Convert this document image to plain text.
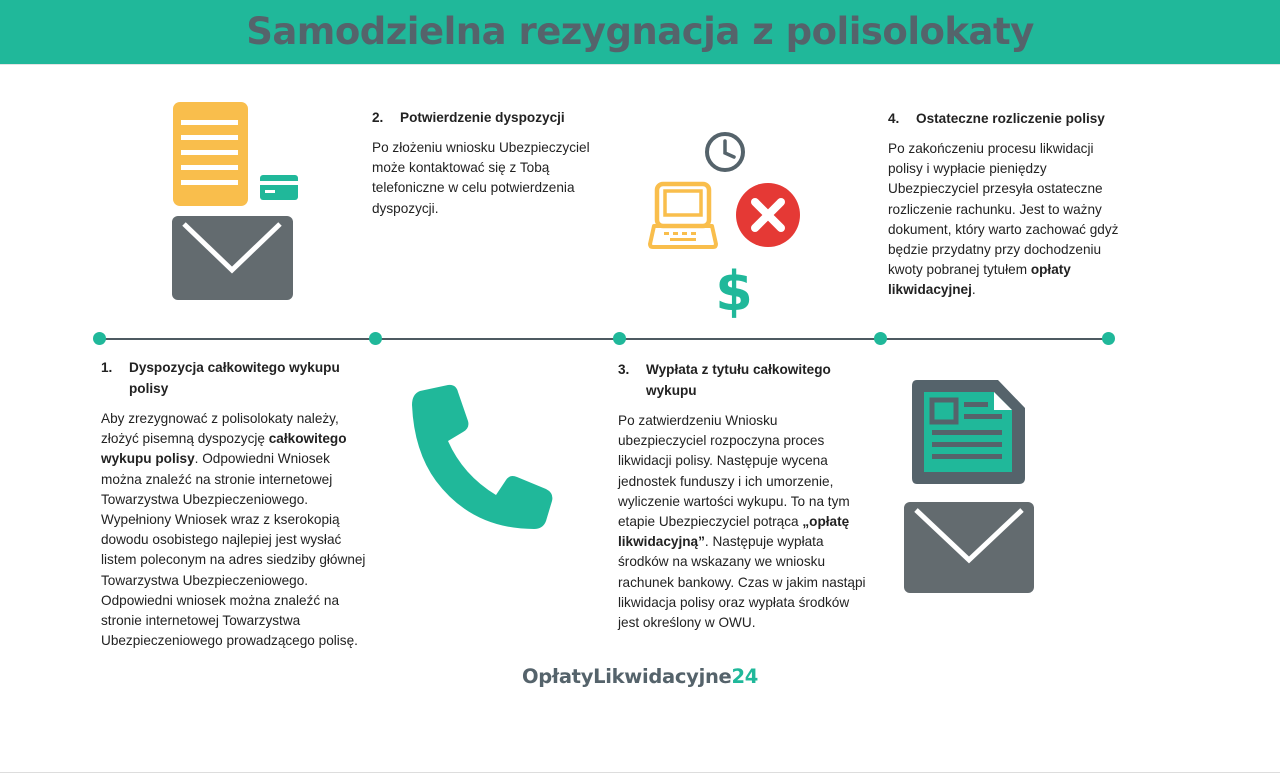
Samodzielna rezygnacja z polisolokaty
$
1. Dyspozycja całkowitego wykupu polisy
Aby zrezygnować z polisolokaty należy, złożyć pisemną dyspozycję całkowitego wykupu polisy. Odpowiedni Wniosek można znaleźć na stronie internetowej Towarzystwa Ubezpieczeniowego. Wypełniony Wniosek wraz z kserokopią dowodu osobistego najlepiej jest wysłać listem poleconym na adres siedziby głównej Towarzystwa Ubezpieczeniowego. Odpowiedni wniosek można znaleźć na stronie internetowej Towarzystwa Ubezpieczeniowego prowadzącego polisę.
2. Potwierdzenie dyspozycji
Po złożeniu wniosku Ubezpieczyciel może kontaktować się z Tobą telefoniczne w celu potwierdzenia dyspozycji.
3. Wypłata z tytułu całkowitego wykupu
Po zatwierdzeniu Wniosku ubezpieczyciel rozpoczyna proces likwidacji polisy. Następuje wycena jednostek funduszy i ich umorzenie, wyliczenie wartości wykupu. To na tym etapie Ubezpieczyciel potrąca „opłatę likwidacyjną”. Następuje wypłata środków na wskazany we wniosku rachunek bankowy. Czas w jakim nastąpi likwidacja polisy oraz wypłata środków jest określony w OWU.
4. Ostateczne rozliczenie polisy
Po zakończeniu procesu likwidacji polisy i wypłacie pieniędzy Ubezpieczyciel przesyła ostateczne rozliczenie rachunku. Jest to ważny dokument, który warto zachować gdyż będzie przydatny przy dochodzeniu kwoty pobranej tytułem opłaty likwidacyjnej.
OpłatyLikwidacyjne24
